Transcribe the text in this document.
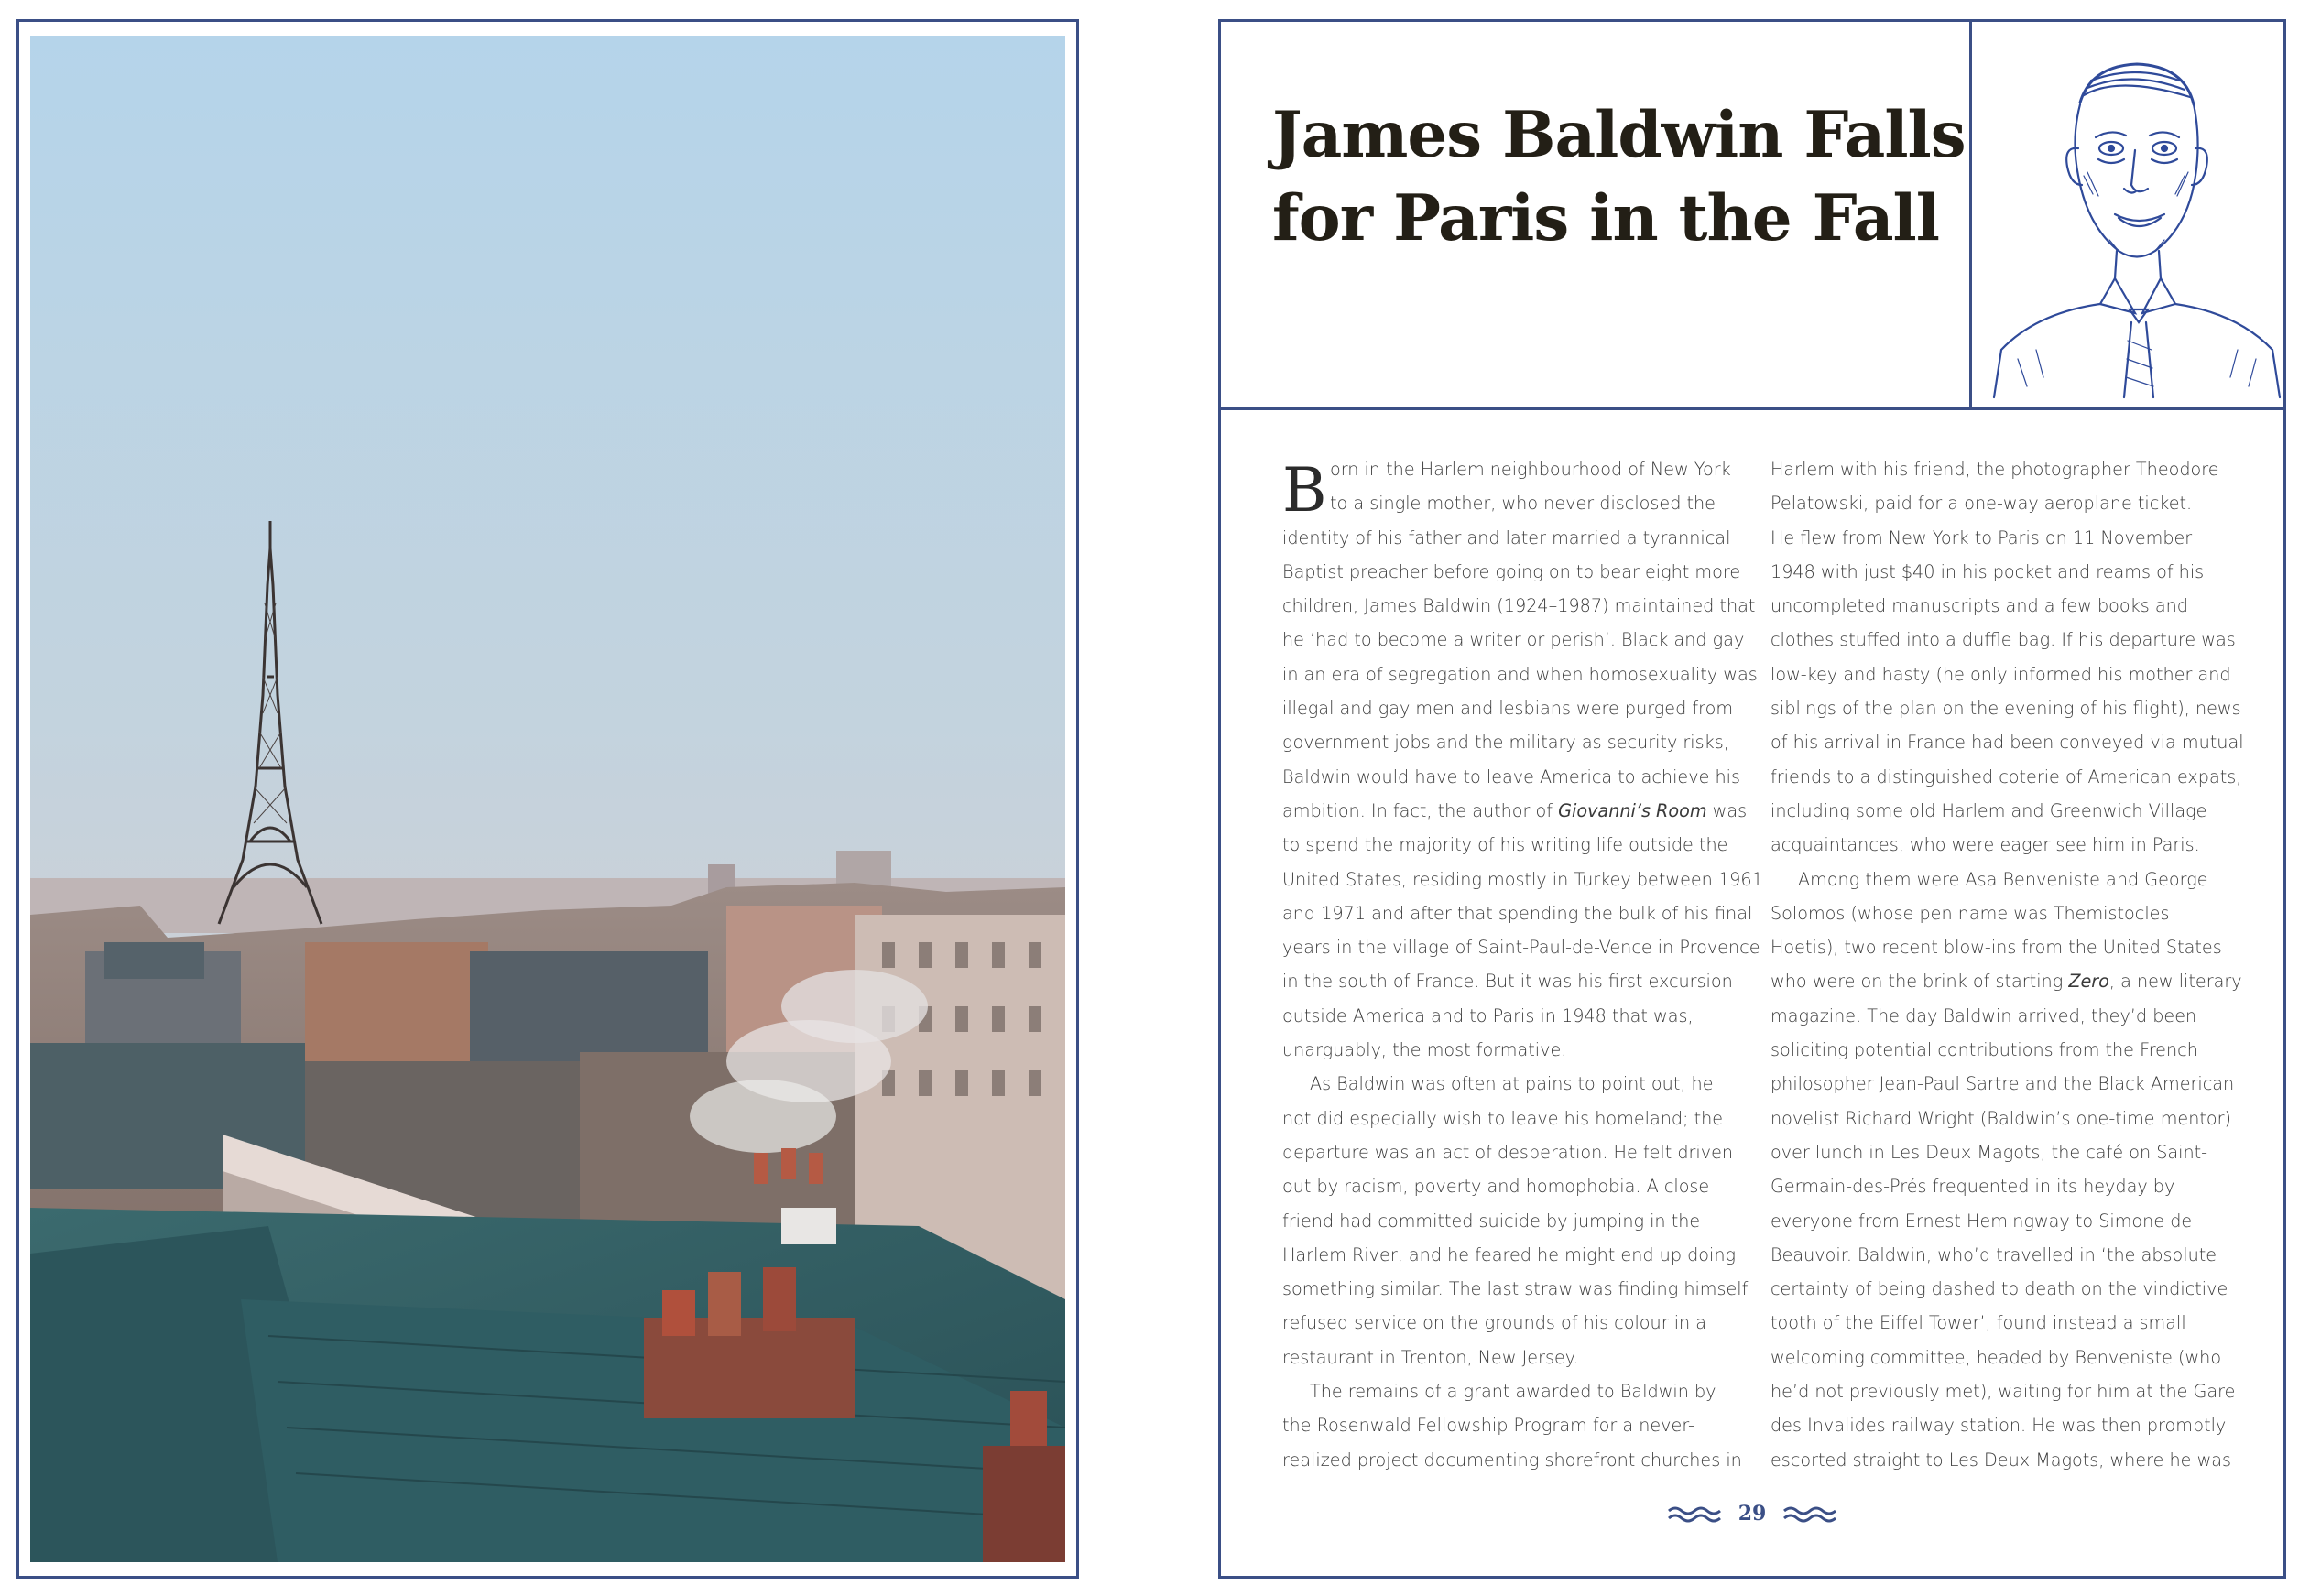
James Baldwin Falls
for Paris in the Fall
B orn in the Harlem neighbourhood of New York
to a single mother, who never disclosed the
identity of his father and later married a tyrannical
Baptist preacher before going on to bear eight more
children, James Baldwin (1924–1987) maintained that
he ‘had to become a writer or perish’. Black and gay
in an era of segregation and when homosexuality was
illegal and gay men and lesbians were purged from
government jobs and the military as security risks,
Baldwin would have to leave America to achieve his
ambition. In fact, the author of Giovanni’s Room was
to spend the majority of his writing life outside the
United States, residing mostly in Turkey between 1961
and 1971 and after that spending the bulk of his final
years in the village of Saint-Paul-de-Vence in Provence
in the south of France. But it was his first excursion
outside America and to Paris in 1948 that was,
unarguably, the most formative.
As Baldwin was often at pains to point out, he
not did especially wish to leave his homeland; the
departure was an act of desperation. He felt driven
out by racism, poverty and homophobia. A close
friend had committed suicide by jumping in the
Harlem River, and he feared he might end up doing
something similar. The last straw was finding himself
refused service on the grounds of his colour in a
restaurant in Trenton, New Jersey.
The remains of a grant awarded to Baldwin by
the Rosenwald Fellowship Program for a never-
realized project documenting shorefront churches in
Harlem with his friend, the photographer Theodore
Pelatowski, paid for a one-way aeroplane ticket.
He flew from New York to Paris on 11 November
1948 with just $40 in his pocket and reams of his
uncompleted manuscripts and a few books and
clothes stuffed into a duffle bag. If his departure was
low-key and hasty (he only informed his mother and
siblings of the plan on the evening of his flight), news
of his arrival in France had been conveyed via mutual
friends to a distinguished coterie of American expats,
including some old Harlem and Greenwich Village
acquaintances, who were eager see him in Paris.
Among them were Asa Benveniste and George
Solomos (whose pen name was Themistocles
Hoetis), two recent blow-ins from the United States
who were on the brink of starting Zero, a new literary
magazine. The day Baldwin arrived, they’d been
soliciting potential contributions from the French
philosopher Jean-Paul Sartre and the Black American
novelist Richard Wright (Baldwin’s one-time mentor)
over lunch in Les Deux Magots, the café on Saint-
Germain-des-Prés frequented in its heyday by
everyone from Ernest Hemingway to Simone de
Beauvoir. Baldwin, who’d travelled in ‘the absolute
certainty of being dashed to death on the vindictive
tooth of the Eiffel Tower’, found instead a small
welcoming committee, headed by Benveniste (who
he’d not previously met), waiting for him at the Gare
des Invalides railway station. He was then promptly
escorted straight to Les Deux Magots, where he was
29
